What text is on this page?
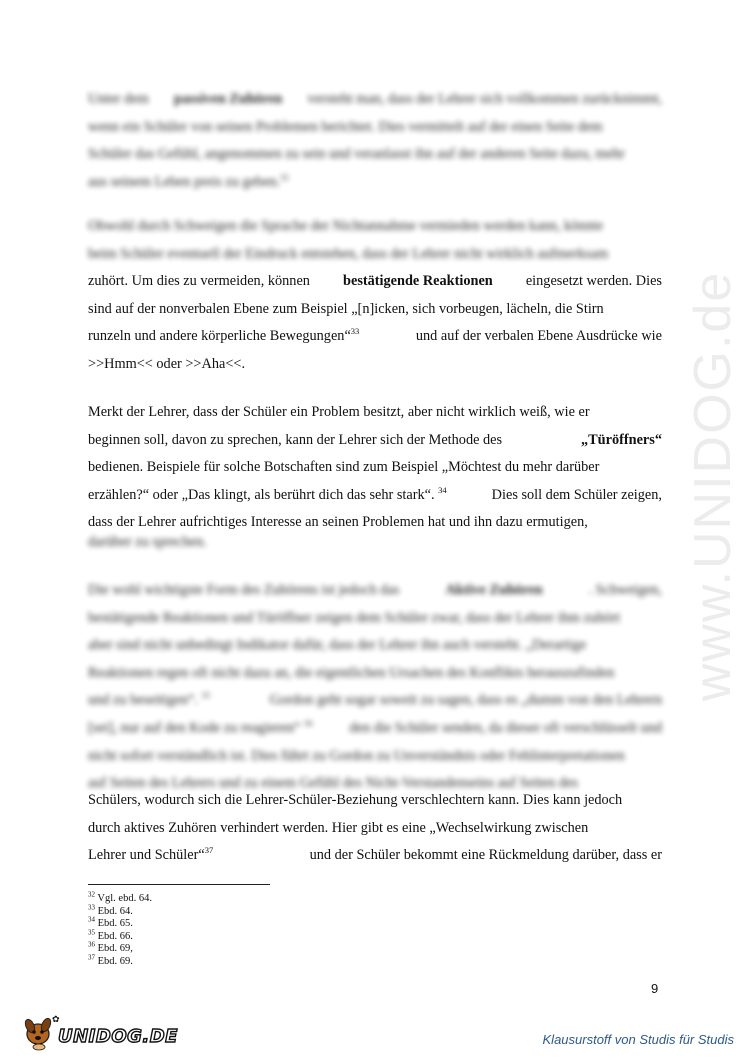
www.UNIDOG.de
Unter dem passiven Zuhören versteht man, dass der Lehrer sich vollkommen zurücknimmt,
wenn ein Schüler von seinen Problemen berichtet. Dies vermittelt auf der einen Seite dem
Schüler das Gefühl, angenommen zu sein und veranlasst ihn auf der anderen Seite dazu, mehr
aus seinem Leben preis zu geben.$^{32}$
Obwohl durch Schweigen die Sprache der Nichtannahme vermieden werden kann, könnte
beim Schüler eventuell der Eindruck entstehen, dass der Lehrer nicht wirklich aufmerksam
zuhört. Um dies zu vermeiden, können bestätigende Reaktionen eingesetzt werden. Dies
sind auf der nonverbalen Ebene zum Beispiel „[n]icken, sich vorbeugen, lächeln, die Stirn
runzeln und andere körperliche Bewegungen“$^{33}$	und auf der verbalen Ebene Ausdrücke wie
>>Hmm<< oder >>Aha<<.
Merkt der Lehrer, dass der Schüler ein Problem besitzt, aber nicht wirklich weiß, wie er
beginnen soll, davon zu sprechen, kann der Lehrer sich der Methode des	„Türöffners“
bedienen. Beispiele für solche Botschaften sind zum Beispiel „Möchtest du mehr darüber
erzählen?“ oder „Das klingt, als berührt dich das sehr stark“. $^{34}$	Dies soll dem Schüler zeigen,
dass der Lehrer aufrichtiges Interesse an seinen Problemen hat und ihn dazu ermutigen,
darüber zu sprechen.
Die wohl wichtigste Form des Zuhörens ist jedoch das	Aktive Zuhören	. Schweigen,
bestätigende Reaktionen und Türöffner zeigen dem Schüler zwar, dass der Lehrer ihm zuhört
aber sind nicht unbedingt Indikator dafür, dass der Lehrer ihn auch versteht. „Derartige
Reaktionen regen oft nicht dazu an, die eigentlichen Ursachen des Konflikts herauszufinden
und zu beseitigen“. $^{35}$	Gordon geht sogar soweit zu sagen, dass es „dumm von den Lehrern
[sei], nur auf den Kode zu reagieren“ $^{36}$	den die Schüler senden, da dieser oft verschlüsselt und
nicht sofort verständlich ist. Dies führt zu Gordon zu Unverständnis oder Fehlinterpretationen
auf Seiten des Lehrers und zu einem Gefühl des Nicht-Verstandenseins auf Seiten des
Schülers, wodurch sich die Lehrer-Schüler-Beziehung verschlechtern kann. Dies kann jedoch
durch aktives Zuhören verhindert werden. Hier gibt es eine „Wechselwirkung zwischen
Lehrer und Schüler“$^{37}$	und der Schüler bekommt eine Rückmeldung darüber, dass er
$^{32}$ Vgl. ebd. 64.
$^{33}$ Ebd. 64.
$^{34}$ Ebd. 65.
$^{35}$ Ebd. 66.
$^{36}$ Ebd. 69,
$^{37}$ Ebd. 69.
9
✿
UNIDOG.DE	Klausurstoff von Studis für Studis
